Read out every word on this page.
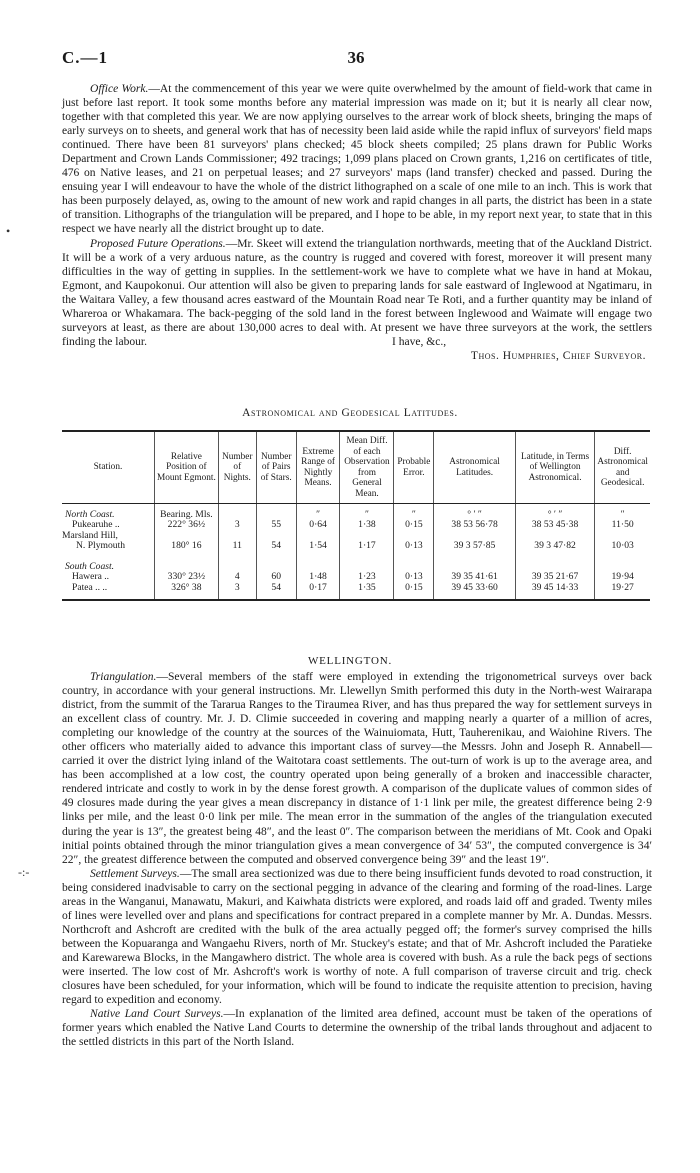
36
C.—1
•
-:-

Office Work.—At the commencement of this year we were quite overwhelmed by the amount of field-work that came in just before last report. It took some months before any material impression was made on it; but it is nearly all clear now, together with that completed this year. We are now applying ourselves to the arrear work of block sheets, bringing the maps of early surveys on to sheets, and general work that has of necessity been laid aside while the rapid influx of surveyors' field maps continued. There have been 81 surveyors' plans checked; 45 block sheets compiled; 25 plans drawn for Public Works Department and Crown Lands Commissioner; 492 tracings; 1,099 plans placed on Crown grants, 1,216 on certificates of title, 476 on Native leases, and 21 on perpetual leases; and 27 surveyors' maps (land transfer) checked and passed. During the ensuing year I will endeavour to have the whole of the district lithographed on a scale of one mile to an inch. This is work that has been purposely delayed, as, owing to the amount of new work and rapid changes in all parts, the district has been in a state of transition. Lithographs of the triangulation will be prepared, and I hope to be able, in my report next year, to state that in this respect we have nearly all the district brought up to date.

Proposed Future Operations.—Mr. Skeet will extend the triangulation northwards, meeting that of the Auckland District. It will be a work of a very arduous nature, as the country is rugged and covered with forest, moreover it will present many difficulties in the way of getting in supplies. In the settlement-work we have to complete what we have in hand at Mokau, Egmont, and Kaupokonui. Our attention will also be given to preparing lands for sale eastward of Inglewood at Ngatimaru, in the Waitara Valley, a few thousand acres eastward of the Mountain Road near Te Roti, and a further quantity may be inland of Whareroa or Whakamara. The back-pegging of the sold land in the forest between Inglewood and Waimate will engage two surveyors at least, as there are about 130,000 acres to deal with. At present we have three surveyors at the work, the settlers finding the labour.	I have, &c.,

Thos. Humphries, Chief Surveyor.

Astronomical and Geodesical Latitudes.
Station.	Relative Position of Mount Egmont.	Number of Nights.	Number of Pairs of Stars.	Extreme Range of Nightly Means.	Mean Diff. of each Observation from General Mean.	Probable Error.	Astronomical Latitudes.	Latitude, in Terms of Wellington Astronomical.	Diff. Astronomical and Geodesical.

North Coast.	Bearing. Mls.			″	″	″	° ′ ″	° ′ ″	″
Pukearuhe ..	222° 36½	3	55	0·64	1·38	0·15	38 53 56·78	38 53 45·38	11·50
Marsland Hill,									
N. Plymouth	180° 16	11	54	1·54	1·17	0·13	39 3 57·85	39 3 47·82	10·03

South Coast.									
Hawera ..	330° 23½	4	60	1·48	1·23	0·13	39 35 41·61	39 35 21·67	19·94
Patea .. ..	326° 38	3	54	0·17	1·35	0·15	39 45 33·60	39 45 14·33	19·27
WELLINGTON.

Triangulation.—Several members of the staff were employed in extending the trigonometrical surveys over back country, in accordance with your general instructions. Mr. Llewellyn Smith performed this duty in the North-west Wairarapa district, from the summit of the Tararua Ranges to the Tiraumea River, and has thus prepared the way for settlement surveys in an excellent class of country. Mr. J. D. Climie succeeded in covering and mapping nearly a quarter of a million of acres, completing our knowledge of the country at the sources of the Wainuiomata, Hutt, Tauherenikau, and Waiohine Rivers. The other officers who materially aided to advance this important class of survey—the Messrs. John and Joseph R. Annabell—carried it over the district lying inland of the Waitotara coast settlements. The out-turn of work is up to the average area, and has been accomplished at a low cost, the country operated upon being generally of a broken and inaccessible character, rendered intricate and costly to work in by the dense forest growth. A comparison of the duplicate values of common sides of 49 closures made during the year gives a mean discrepancy in distance of 1·1 link per mile, the greatest difference being 2·9 links per mile, and the least 0·0 link per mile. The mean error in the summation of the angles of the triangulation executed during the year is 13″, the greatest being 48″, and the least 0″. The comparison between the meridians of Mt. Cook and Opaki initial points obtained through the minor triangulation gives a mean convergence of 34′ 53″, the computed convergence is 34′ 22″, the greatest difference between the computed and observed convergence being 39″ and the least 19″.

Settlement Surveys.—The small area sectionized was due to there being insufficient funds devoted to road construction, it being considered inadvisable to carry on the sectional pegging in advance of the clearing and forming of the road-lines. Large areas in the Wanganui, Manawatu, Makuri, and Kaiwhata districts were explored, and roads laid off and graded. Twenty miles of lines were levelled over and plans and specifications for contract prepared in a complete manner by Mr. A. Dundas. Messrs. Northcroft and Ashcroft are credited with the bulk of the area actually pegged off; the former's survey comprised the hills between the Kopuaranga and Wangaehu Rivers, north of Mr. Stuckey's estate; and that of Mr. Ashcroft included the Paratieke and Karewarewa Blocks, in the Mangawhero district. The whole area is covered with bush. As a rule the back pegs of sections were inserted. The low cost of Mr. Ashcroft's work is worthy of note. A full comparison of traverse circuit and trig. check closures have been scheduled, for your information, which will be found to indicate the requisite attention to precision, having regard to expedition and economy.

Native Land Court Surveys.—In explanation of the limited area defined, account must be taken of the operations of former years which enabled the Native Land Courts to determine the ownership of the tribal lands throughout and adjacent to the settled districts in this part of the North Island.
